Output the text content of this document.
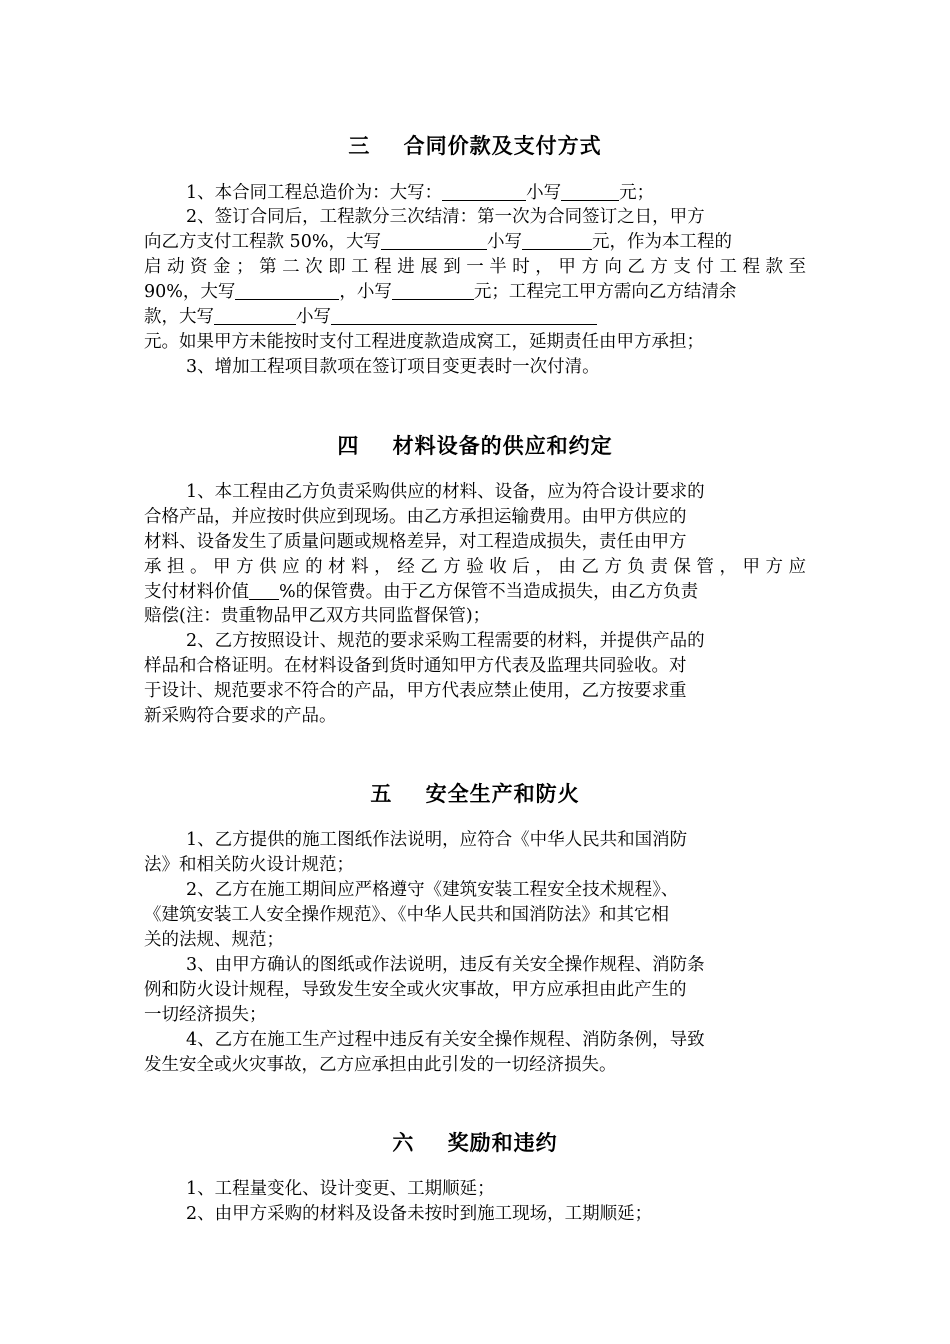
三    合同价款及支付方式
1、本合同工程总造价为：大写：	小写	元；
2、签订合同后，工程款分三次结清：第一次为合同签订之日，甲方
向乙方支付工程款 50%，大写	小写	元，作为本工程的
启动资金；第二次即工程进展到一半时，甲方向乙方支付工程款至
90%，大写	，小写	元；工程完工甲方需向乙方结清余
款，大写	小写
元。如果甲方未能按时支付工程进度款造成窝工，延期责任由甲方承担；
3、增加工程项目款项在签订项目变更表时一次付清。
四    材料设备的供应和约定
1、本工程由乙方负责采购供应的材料、设备，应为符合设计要求的
合格产品，并应按时供应到现场。由乙方承担运输费用。由甲方供应的
材料、设备发生了质量问题或规格差异，对工程造成损失，责任由甲方
承担。甲方供应的材料，经乙方验收后，由乙方负责保管，甲方应
支付材料价值 %的保管费。由于乙方保管不当造成损失，由乙方负责
赔偿(注：贵重物品甲乙双方共同监督保管)；
2、乙方按照设计、规范的要求采购工程需要的材料，并提供产品的
样品和合格证明。在材料设备到货时通知甲方代表及监理共同验收。对
于设计、规范要求不符合的产品，甲方代表应禁止使用，乙方按要求重
新采购符合要求的产品。
五    安全生产和防火
1、乙方提供的施工图纸作法说明，应符合《中华人民共和国消防
法》和相关防火设计规范；
2、乙方在施工期间应严格遵守《建筑安装工程安全技术规程》、
《建筑安装工人安全操作规范》、《中华人民共和国消防法》和其它相
关的法规、规范；
3、由甲方确认的图纸或作法说明，违反有关安全操作规程、消防条
例和防火设计规程，导致发生安全或火灾事故，甲方应承担由此产生的
一切经济损失；
4、乙方在施工生产过程中违反有关安全操作规程、消防条例，导致
发生安全或火灾事故，乙方应承担由此引发的一切经济损失。
六    奖励和违约
1、工程量变化、设计变更、工期顺延；
2、由甲方采购的材料及设备未按时到施工现场，工期顺延；
